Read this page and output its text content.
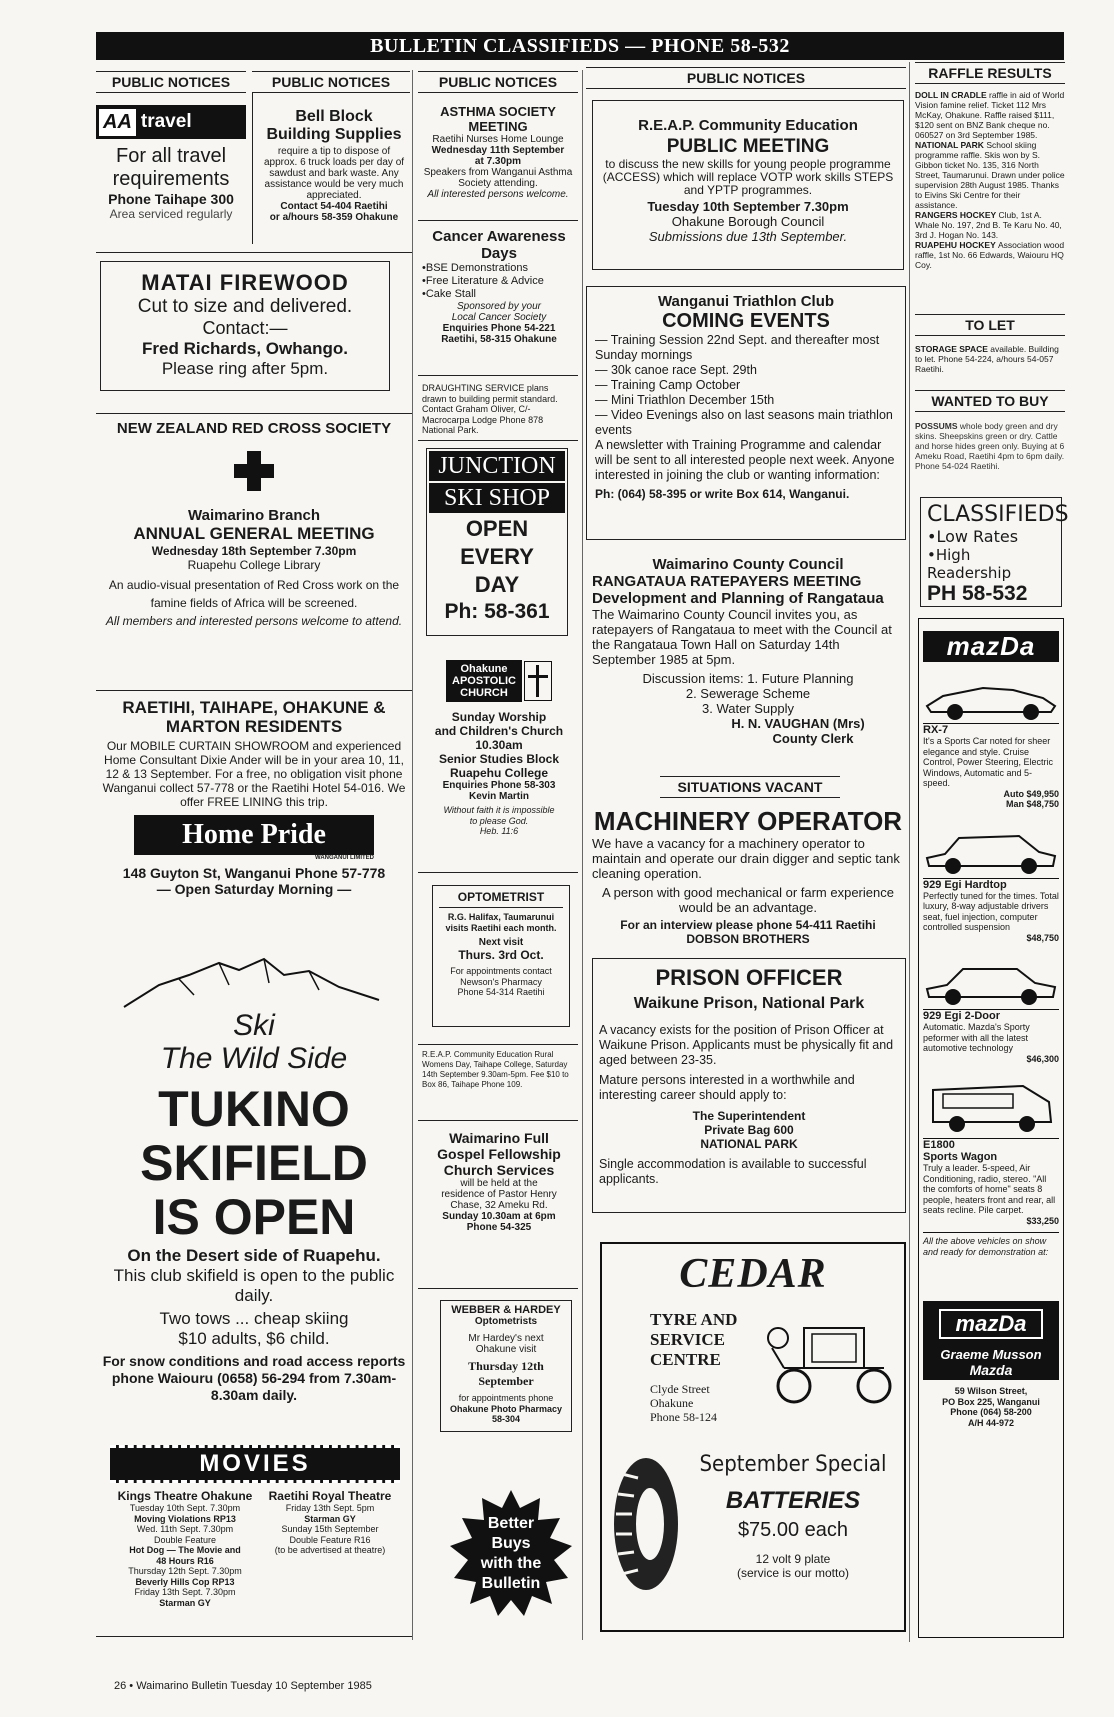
BULLETIN CLASSIFIEDS — PHONE 58-532
PUBLIC NOTICES	PUBLIC NOTICES	PUBLIC NOTICES	PUBLIC NOTICES	RAFFLE RESULTS
AA travel
For all travel
requirements
Phone Taihape 300
Area serviced regularly
Bell Block
Building Supplies
require a tip to dispose of approx. 6 truck loads per day of sawdust and bark waste. Any assistance would be very much appreciated.
Contact 54-404 Raetihi
or a/hours 58-359 Ohakune
MATAI FIREWOOD
Cut to size and delivered.
Contact:—
Fred Richards, Owhango.
Please ring after 5pm.
NEW ZEALAND RED CROSS SOCIETY
Waimarino Branch
ANNUAL GENERAL MEETING
Wednesday 18th September 7.30pm
Ruapehu College Library
An audio-visual presentation of Red Cross work on the famine fields of Africa will be screened.
All members and interested persons welcome to attend.
RAETIHI, TAIHAPE, OHAKUNE & MARTON RESIDENTS
Our MOBILE CURTAIN SHOWROOM and experienced Home Consultant Dixie Ander will be in your area 10, 11, 12 & 13 September. For a free, no obligation visit phone Wanganui collect 57-778 or the Raetihi Hotel 54-016. We offer FREE LINING this trip.
Home Pride
WANGANUI LIMITED
148 Guyton St, Wanganui Phone 57-778
— Open Saturday Morning —
Ski
The Wild Side
TUKINO
SKIFIELD
IS OPEN
On the Desert side of Ruapehu.
This club skifield is open to the public daily.
Two tows ... cheap skiing
$10 adults, $6 child.
For snow conditions and road access reports phone Waiouru (0658) 56-294 from 7.30am-8.30am daily.
MOVIES
Kings Theatre Ohakune
Tuesday 10th Sept. 7.30pm
Moving Violations RP13
Wed. 11th Sept. 7.30pm
Double Feature
Hot Dog — The Movie and
48 Hours R16
Thursday 12th Sept. 7.30pm
Beverly Hills Cop RP13
Friday 13th Sept. 7.30pm
Starman GY
Raetihi Royal Theatre
Friday 13th Sept. 5pm
Starman GY
Sunday 15th September
Double Feature R16
(to be advertised at theatre)
26 • Waimarino Bulletin Tuesday 10 September 1985
ASTHMA SOCIETY
MEETING
Raetihi Nurses Home Lounge
Wednesday 11th September
at 7.30pm
Speakers from Wanganui Asthma Society attending.
All interested persons welcome.
Cancer Awareness
Days
•BSE Demonstrations
•Free Literature & Advice
•Cake Stall
Sponsored by your
Local Cancer Society
Enquiries Phone 54-221
Raetihi, 58-315 Ohakune
DRAUGHTING SERVICE plans drawn to building permit standard. Contact Graham Oliver, C/- Macrocarpa Lodge Phone 878 National Park.
JUNCTION
SKI SHOP
OPEN
EVERY
DAY
Ph: 58-361
Ohakune
APOSTOLIC
CHURCH
Sunday Worship
and Children's Church
10.30am
Senior Studies Block
Ruapehu College
Enquiries Phone 58-303
Kevin Martin
Without faith it is impossible
to please God.
Heb. 11:6
OPTOMETRIST
R.G. Halifax, Taumarunui
visits Raetihi each month.
Next visit
Thurs. 3rd Oct.
For appointments contact
Newson's Pharmacy
Phone 54-314 Raetihi
R.E.A.P. Community Education Rural Womens Day, Taihape College, Saturday 14th September 9.30am-5pm. Fee $10 to Box 86, Taihape Phone 109.
Waimarino Full
Gospel Fellowship
Church Services
will be held at the
residence of Pastor Henry
Chase, 32 Ameku Rd.
Sunday 10.30am at 6pm
Phone 54-325
WEBBER & HARDEY
Optometrists
Mr Hardey's next
Ohakune visit
Thursday 12th
September
for appointments phone
Ohakune Photo Pharmacy
58-304
Better
Buys
with the
Bulletin
R.E.A.P. Community Education
PUBLIC MEETING
to discuss the new skills for young people programme (ACCESS) which will replace VOTP work skills STEPS and YPTP programmes.
Tuesday 10th September 7.30pm
Ohakune Borough Council
Submissions due 13th September.
Wanganui Triathlon Club
COMING EVENTS
— Training Session 22nd Sept. and thereafter most Sunday mornings
— 30k canoe race Sept. 29th
— Training Camp October
— Mini Triathlon December 15th
— Video Evenings also on last seasons main triathlon events
A newsletter with Training Programme and calendar will be sent to all interested people next week. Anyone interested in joining the club or wanting information:
Ph: (064) 58-395 or write Box 614, Wanganui.
Waimarino County Council
RANGATAUA RATEPAYERS MEETING
Development and Planning of Rangataua
The Waimarino County Council invites you, as ratepayers of Rangataua to meet with the Council at the Rangataua Town Hall on Saturday 14th September 1985 at 5pm.
Discussion items: 1. Future Planning
2. Sewerage Scheme
3. Water Supply
H. N. VAUGHAN (Mrs)
County Clerk
SITUATIONS VACANT
MACHINERY OPERATOR
We have a vacancy for a machinery operator to maintain and operate our drain digger and septic tank cleaning operation.
A person with good mechanical or farm experience would be an advantage.
For an interview please phone 54-411 Raetihi
DOBSON BROTHERS
PRISON OFFICER
Waikune Prison, National Park
A vacancy exists for the position of Prison Officer at Waikune Prison. Applicants must be physically fit and aged between 23-35.
Mature persons interested in a worthwhile and interesting career should apply to:
The Superintendent
Private Bag 600
NATIONAL PARK
Single accommodation is available to successful applicants.
CEDAR
TYRE AND
SERVICE
CENTRE
Clyde Street
Ohakune
Phone 58-124
September Special
BATTERIES
$75.00 each
12 volt 9 plate
(service is our motto)
DOLL IN CRADLE raffle in aid of World Vision famine relief. Ticket 112 Mrs McKay, Ohakune. Raffle raised $111, $120 sent on BNZ Bank cheque no. 060527 on 3rd September 1985.
NATIONAL PARK School skiing programme raffle. Skis won by S. Gibbon ticket No. 135, 316 North Street, Taumarunui. Drawn under police supervision 28th August 1985. Thanks to Eivins Ski Centre for their assistance.
RANGERS HOCKEY Club, 1st A. Whale No. 197, 2nd B. Te Karu No. 40, 3rd J. Hogan No. 143.
RUAPEHU HOCKEY Association wood raffle, 1st No. 66 Edwards, Waiouru HQ Coy.
TO LET
STORAGE SPACE available. Building to let. Phone 54-224, a/hours 54-057 Raetihi.
WANTED TO BUY
POSSUMS whole body green and dry skins. Sheepskins green or dry. Cattle and horse hides green only. Buying at 6 Ameku Road, Raetihi 4pm to 6pm daily. Phone 54-024 Raetihi.
CLASSIFIEDS
•Low Rates
•High Readership
PH 58-532
mazDa
RX-7
It's a Sports Car noted for sheer elegance and style. Cruise Control, Power Steering, Electric Windows, Automatic and 5-speed.
Auto $49,950
Man $48,750
929 Egi Hardtop
Perfectly tuned for the times. Total luxury, 8-way adjustable drivers seat, fuel injection, computer controlled suspension
$48,750
929 Egi 2-Door
Automatic. Mazda's Sporty peformer with all the latest automotive technology
$46,300
E1800
Sports Wagon
Truly a leader. 5-speed, Air Conditioning, radio, stereo. "All the comforts of home" seats 8 people, heaters front and rear, all seats recline. Pile carpet.
$33,250
All the above vehicles on show and ready for demonstration at:
mazDa
Graeme Musson
Mazda
59 Wilson Street,
PO Box 225, Wanganui
Phone (064) 58-200
A/H 44-972
